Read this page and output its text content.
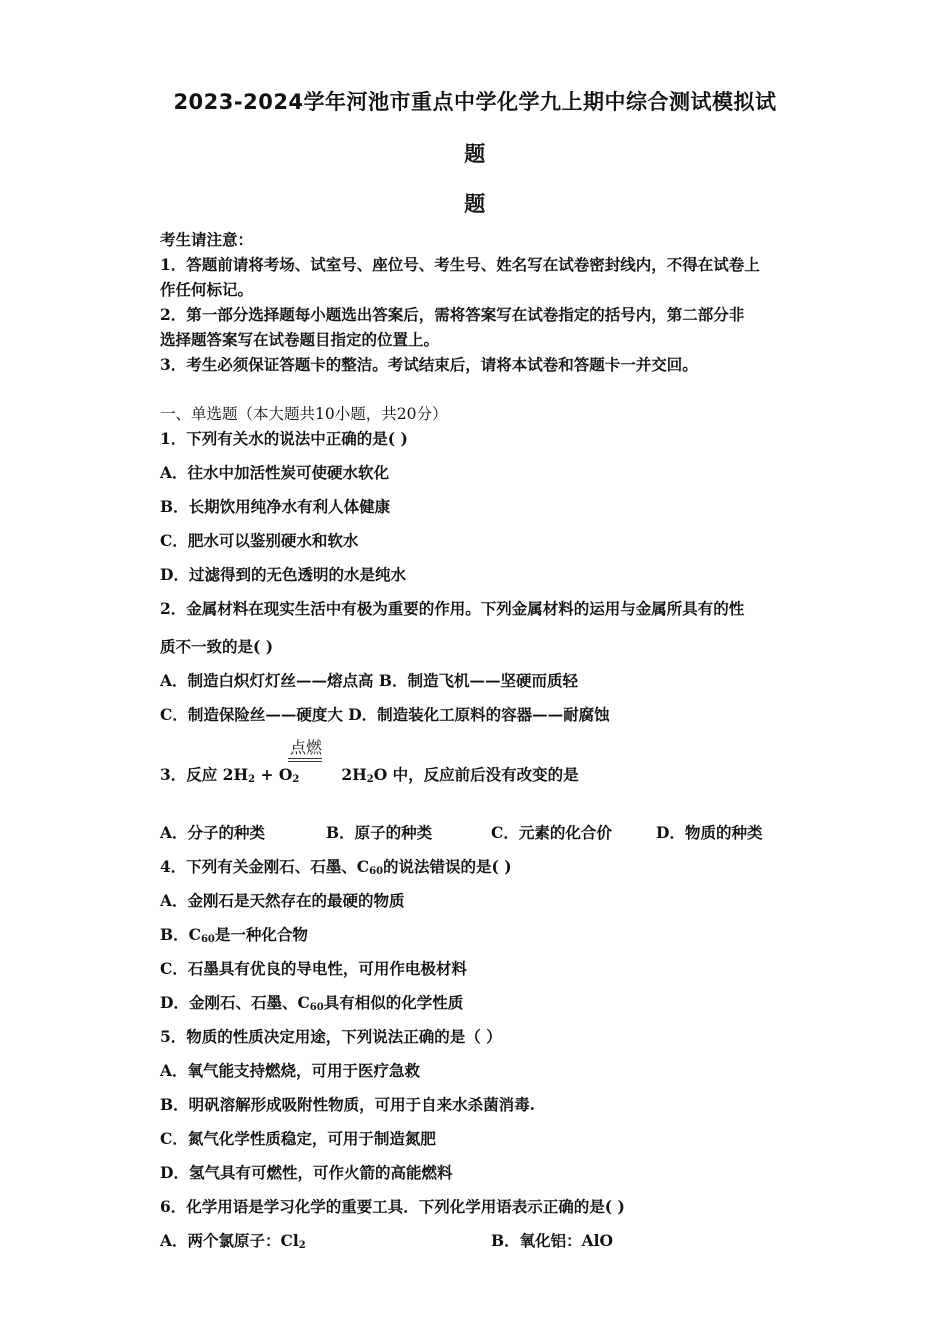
2023-2024学年河池市重点中学化学九上期中综合测试模拟试
题
题
考生请注意：
1．答题前请将考场、试室号、座位号、考生号、姓名写在试卷密封线内，不得在试卷上
作任何标记。
2．第一部分选择题每小题选出答案后，需将答案写在试卷指定的括号内，第二部分非
选择题答案写在试卷题目指定的位置上。
3．考生必须保证答题卡的整洁。考试结束后，请将本试卷和答题卡一并交回。
一、单选题（本大题共10小题，共20分）
1．下列有关水的说法中正确的是( )
A．往水中加活性炭可使硬水软化
B．长期饮用纯净水有利人体健康
C．肥水可以鉴别硬水和软水
D．过滤得到的无色透明的水是纯水
2．金属材料在现实生活中有极为重要的作用。下列金属材料的运用与金属所具有的性
质不一致的是( )
A．制造白炽灯灯丝——熔点高 B．制造飞机——坚硬而质轻
C．制造保险丝——硬度大 D．制造装化工原料的容器——耐腐蚀
点燃
3．反应 $2H_2 + O_2$	$2H_2O$ 中，反应前后没有改变的是
A．分子的种类	B．原子的种类	C．元素的化合价	D．物质的种类
4．下列有关金刚石、石墨、$C_{60}$的说法错误的是( )
A．金刚石是天然存在的最硬的物质
B．$C_{60}$是一种化合物
C．石墨具有优良的导电性，可用作电极材料
D．金刚石、石墨、$C_{60}$具有相似的化学性质
5．物质的性质决定用途，下列说法正确的是（ ）
A．氧气能支持燃烧，可用于医疗急救
B．明矾溶解形成吸附性物质，可用于自来水杀菌消毒.
C．氮气化学性质稳定，可用于制造氮肥
D．氢气具有可燃性，可作火箭的高能燃料
6．化学用语是学习化学的重要工具．下列化学用语表示正确的是( )
A．两个氯原子：$Cl_2$	B．氧化铝：AlO
